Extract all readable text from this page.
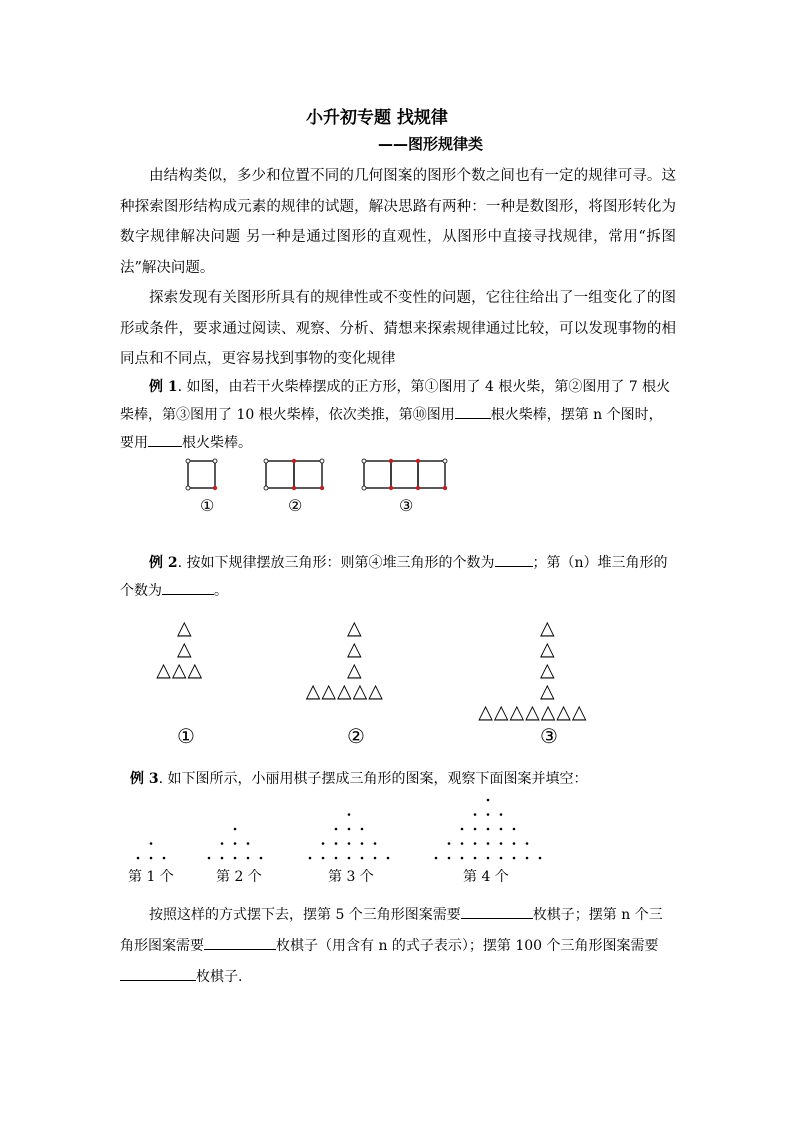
小升初专题 找规律
——图形规律类
由结构类似，多少和位置不同的几何图案的图形个数之间也有一定的规律可寻。这种探索图形结构成元素的规律的试题，解决思路有两种：一种是数图形，将图形转化为数字规律解决问题 另一种是通过图形的直观性，从图形中直接寻找规律，常用“拆图法”解决问题。
探索发现有关图形所具有的规律性或不变性的问题，它往往给出了一组变化了的图形或条件，要求通过阅读、观察、分析、猜想来探索规律通过比较，可以发现事物的相同点和不同点，更容易找到事物的变化规律
例 1. 如图，由若干火柴棒摆成的正方形，第①图用了 4 根火柴，第②图用了 7 根火柴棒，第③图用了 10 根火柴棒，依次类推，第⑩图用	根火柴棒，摆第 n 个图时，要用 根火柴棒。
①	②	③
例 2. 按如下规律摆放三角形：则第④堆三角形的个数为	；第（n）堆三角形的个数为	。
△
△
△△△
△
△
△
△△△△△
△
△
△
△
△△△△△△△
①	②	③
例 3. 如下图所示，小丽用棋子摆成三角形的图案，观察下面图案并填空：
第 1 个	第 2 个	第 3 个	第 4 个
按照这样的方式摆下去，摆第 5 个三角形图案需要	枚棋子；摆第 n 个三角形图案需要	枚棋子（用含有 n 的式子表示）；摆第 100 个三角形图案需要枚棋子.
